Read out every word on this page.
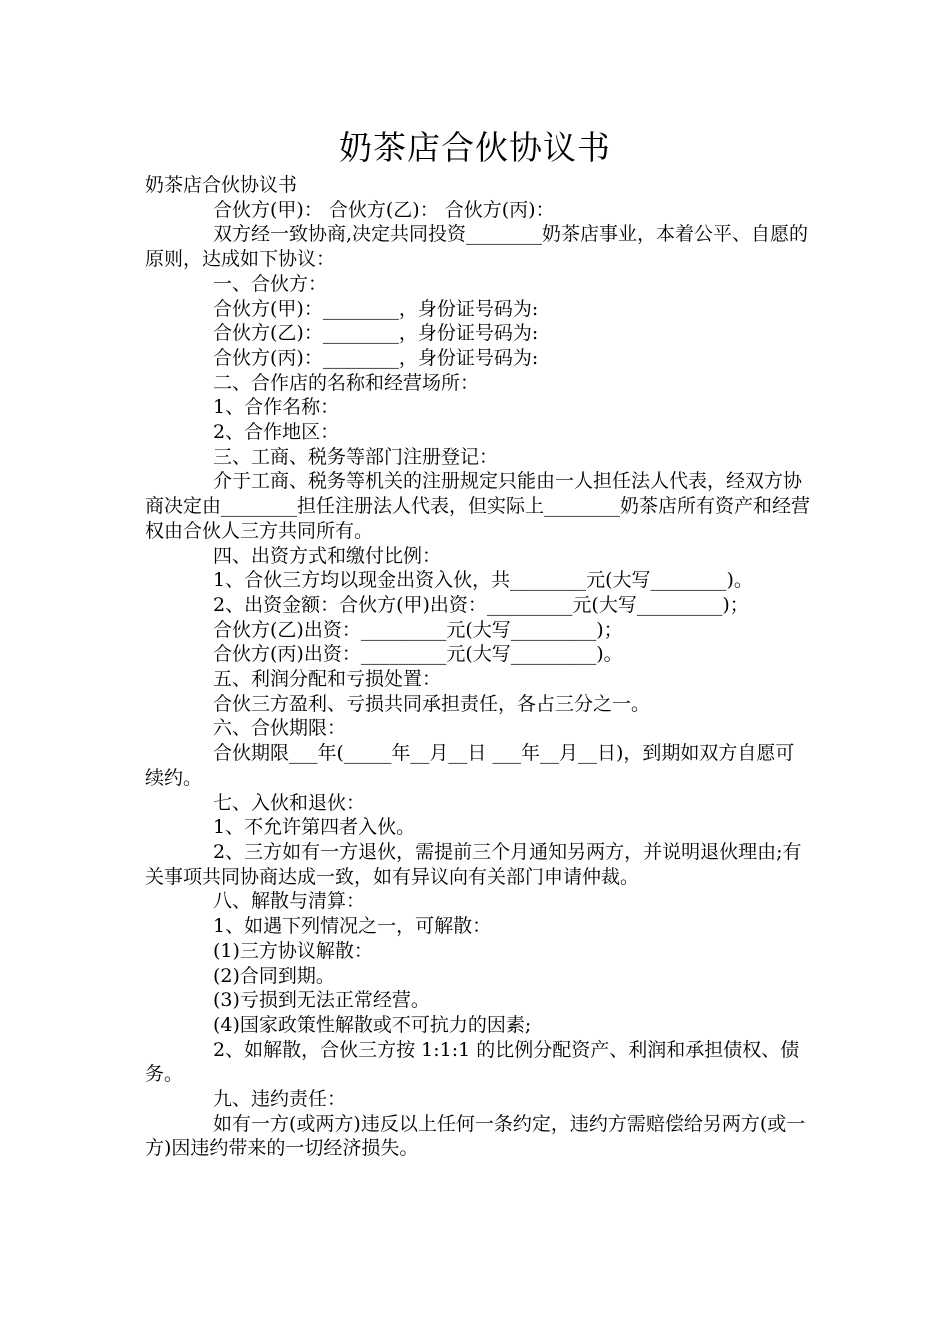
奶茶店合伙协议书

奶茶店合伙协议书

合伙方(甲)： 合伙方(乙)： 合伙方(丙)：

双方经一致协商,决定共同投资________奶茶店事业，本着公平、自愿的原则，达成如下协议：

一、合伙方：

合伙方(甲)：________，身份证号码为:

合伙方(乙)：________，身份证号码为:

合伙方(丙)：________，身份证号码为:

二、合作店的名称和经营场所：

1、合作名称：

2、合作地区：

三、工商、税务等部门注册登记：

介于工商、税务等机关的注册规定只能由一人担任法人代表，经双方协商决定由________担任注册法人代表，但实际上________奶茶店所有资产和经营权由合伙人三方共同所有。

四、出资方式和缴付比例：

1、合伙三方均以现金出资入伙，共________元(大写________)。

2、出资金额：合伙方(甲)出资：_________元(大写_________)；

合伙方(乙)出资：_________元(大写_________)；

合伙方(丙)出资：_________元(大写_________)。

五、利润分配和亏损处置：

合伙三方盈利、亏损共同承担责任，各占三分之一。

六、合伙期限：

合伙期限___年(_____年__月__日 ___年__月__日)，到期如双方自愿可续约。

七、入伙和退伙：

1、不允许第四者入伙。

2、三方如有一方退伙，需提前三个月通知另两方，并说明退伙理由;有关事项共同协商达成一致，如有异议向有关部门申请仲裁。

八、解散与清算：

1、如遇下列情况之一，可解散：

(1)三方协议解散：

(2)合同到期。

(3)亏损到无法正常经营。

(4)国家政策性解散或不可抗力的因素;

2、如解散，合伙三方按 1:1:1 的比例分配资产、利润和承担债权、债务。

九、违约责任：

如有一方(或两方)违反以上任何一条约定，违约方需赔偿给另两方(或一方)因违约带来的一切经济损失。
